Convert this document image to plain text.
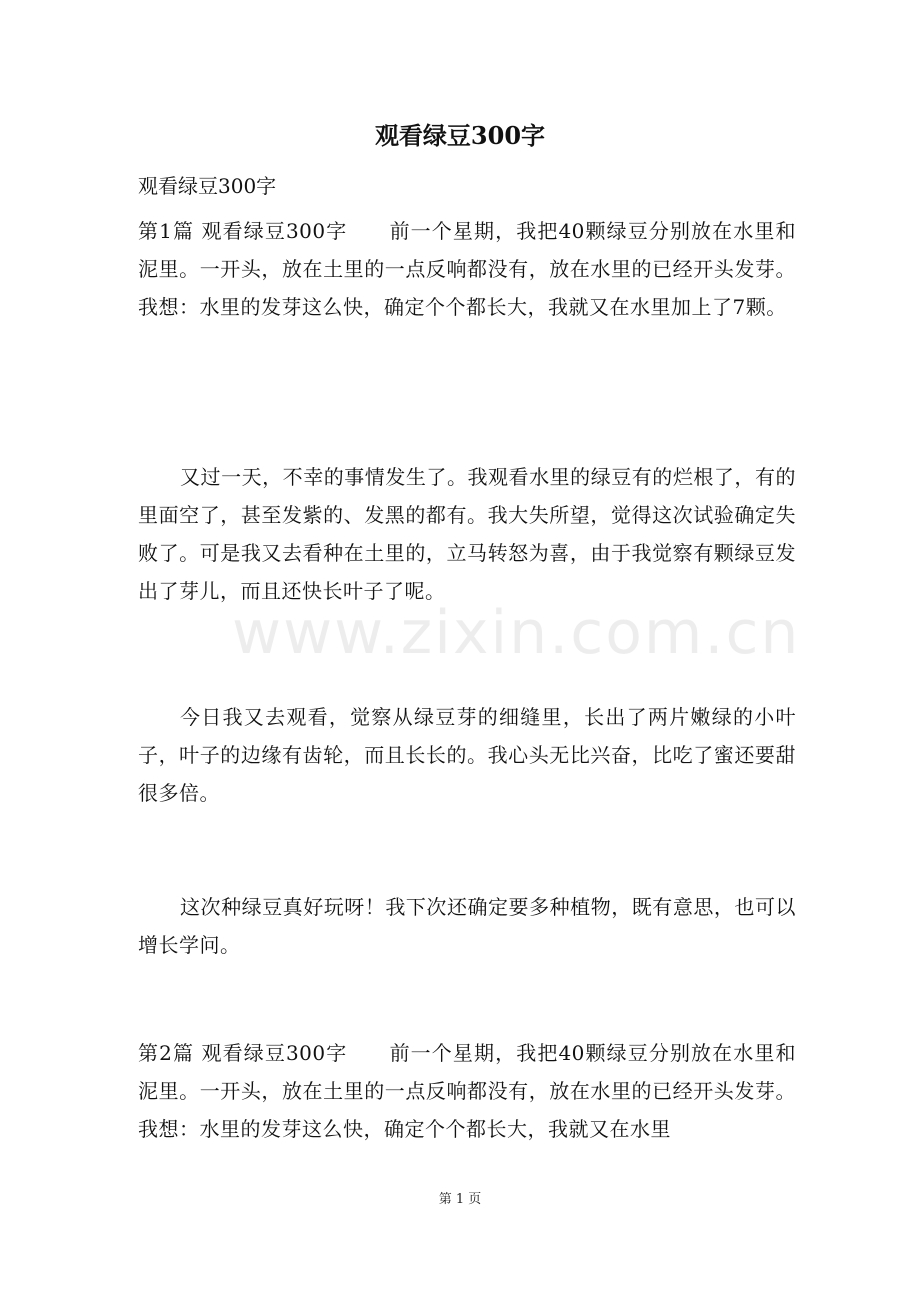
观看绿豆300字

观看绿豆300字

第1篇 观看绿豆300字　　前一个星期，我把40颗绿豆分别放在水里和泥里。一开头，放在土里的一点反响都没有，放在水里的已经开头发芽。我想：水里的发芽这么快，确定个个都长大，我就又在水里加上了7颗。

又过一天，不幸的事情发生了。我观看水里的绿豆有的烂根了，有的里面空了，甚至发紫的、发黑的都有。我大失所望，觉得这次试验确定失败了。可是我又去看种在土里的，立马转怒为喜，由于我觉察有颗绿豆发出了芽儿，而且还快长叶子了呢。

今日我又去观看，觉察从绿豆芽的细缝里，长出了两片嫩绿的小叶子，叶子的边缘有齿轮，而且长长的。我心头无比兴奋，比吃了蜜还要甜很多倍。

这次种绿豆真好玩呀！我下次还确定要多种植物，既有意思，也可以增长学问。

第2篇 观看绿豆300字　　前一个星期，我把40颗绿豆分别放在水里和泥里。一开头，放在土里的一点反响都没有，放在水里的已经开头发芽。我想：水里的发芽这么快，确定个个都长大，我就又在水里

www.zixin.com.cn
第 1 页
